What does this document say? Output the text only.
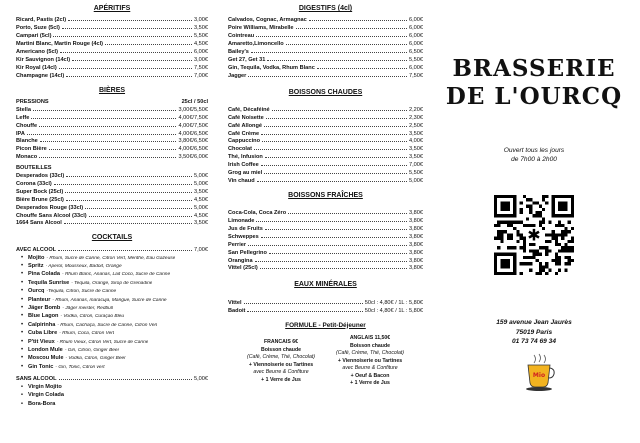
APÉRITIFS
Ricard, Pastis (2cl)	3,00€
Porto, Suze (5cl)	3,50€
Campari (5cl)	5,50€
Martini Blanc, Martin Rouge (4cl)	4,50€
Americano (5cl)	6,00€
Kir Sauvignon (14cl)	3,00€
Kir Royal (14cl)	7,50€
Champagne (14cl)	7,00€
BIÈRES
PRESSIONS	25cl / 50cl
Stella	3,00€/5,50€
Leffe	4,00€/7,50€
Chouffe	4,00€/7,50€
IPA	4,00€/6,50€
Blanche	3,80€/6,50€
Picon Bière	4,00€/6,50€
Monaco	3,50€/6,00€
BOUTEILLES
Desperados (33cl)	5,00€
Corona (33cl)	5,00€
Super Bock (25cl)	3,50€
Bière Brune (25cl)	4,50€
Desperados Rouge (33cl)	5,00€
Chouffe Sans Alcool (33cl)	4,50€
1664 Sans Alcool	3,50€
COCKTAILS
AVEC ALCOOL	7,00€
• Mojito - Rhum, Sucre de Canne, Citron Vert, Menthe, Eau Gazeuse
• Spritz - Aperol, Mousseux, Badoit, Orange
• Pina Colada - Rhum Blanc, Ananas, Lait Coco, Sucre de Canne
• Tequila Sunrise - Tequila, Orange, Sirop de Grenadine
• Ourcq -Tequila, Citron, Sucre de Canne
• Planteur - Rhum, Ananas, maracuja, Mangue, Sucre de Canne
• Jäger Bomb - Jäger meister, Redbull
• Blue Lagon - Vodka, Citron, Curaçao Bleu
• Caïpirinha - Rhum, Cachaça, Sucre de Canne, Citron Vert
• Cuba Libre - Rhum, Coca, Citron Vert
• P'tit Vieux - Rhum Vieux, Citron Vert, Sucre de Canne
• London Mule - Gin, Citron, Ginger Beer
• Moscou Mule - Vodka, Citron, Ginger Beer
• Gin Tonic - Gin, Tonic, Citron vert
SANS ALCOOL	5,00€
• Virgin Mojito
• Virgin Colada
• Bora-Bora
DIGESTIFS (4cl)
Calvados, Cognac, Armagnac	6,00€
Poire Williams, Mirabelle	6,00€
Cointreau	6,00€
Amaretto,Limoncello	6,00€
Bailey's	6,50€
Get 27, Get 31	5,50€
Gin, Tequila, Vodka, Rhum Blanc	6,00€
Jagger	7,50€
BOISSONS CHAUDES
Café, Décaféiné	2,20€
Café Noisette	2,30€
Café Allongé	2,50€
Café Crème	3,50€
Cappuccino	4,00€
Chocolat	3,50€
Thé, Infusion	3,50€
Irish Coffee	7,00€
Grog au miel	5,50€
Vin chaud	5,00€
BOISSONS FRAÎCHES
Coca-Cola, Coca Zéro	3,80€
Limonade	3,80€
Jus de Fruits	3,80€
Schweppes	3,80€
Perrier	3,80€
San Pellegrino	3,80€
Orangina	3,80€
Vittel (25cl)	3,80€
EAUX MINÉRALES
Vittel	50cl : 4,80€ / 1L : 5,80€
Badoit	50cl : 4,80€ / 1L : 5,80€
FORMULE - Petit-Déjeuner
FRANCAIS 6€
Boisson chaude
(Café, Crème, Thé, Chocolat)
+ Viennoiserie ou Tartines
avec Beurre & Confiture
+ 1 Verre de Jus
ANGLAIS 11,50€
Boisson chaude
(Café, Crème, Thé, Chocolat)
+ Viennoiserie ou Tartines
avec Beurre & Confiture
+ Oeuf & Bacon
+ 1 Verre de Jus
BRASSERIE
DE L'OURCQ
Ouvert tous les jours
de 7h00 à 2h00
✱
159 avenue Jean Jaurès
75019 Paris
01 73 74 69 34
Mio
